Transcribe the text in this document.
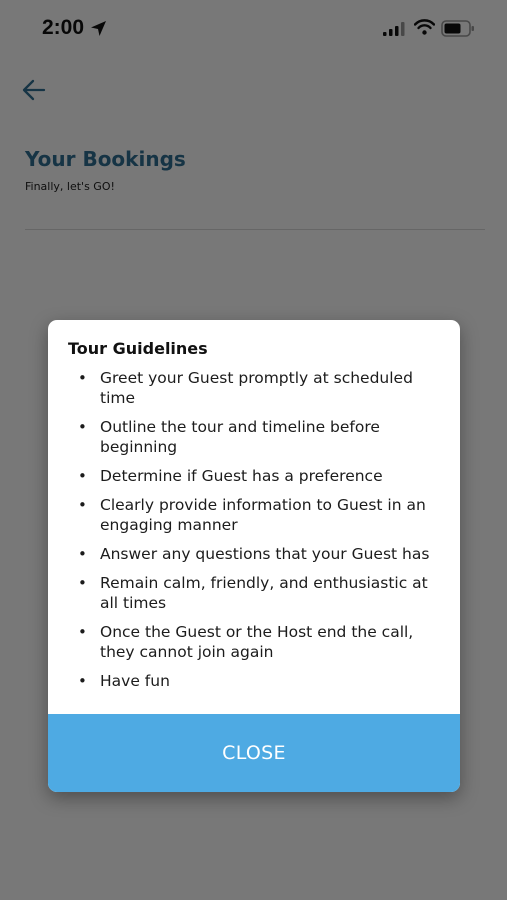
Tour Guidelines
• Greet your Guest promptly at scheduled time
• Outline the tour and timeline before beginning
• Determine if Guest has a preference
• Clearly provide information to Guest in an engaging manner
• Answer any questions that your Guest has
• Remain calm, friendly, and enthusiastic at all times
• Once the Guest or the Host end the call, they cannot join again
• Have fun
CLOSE
